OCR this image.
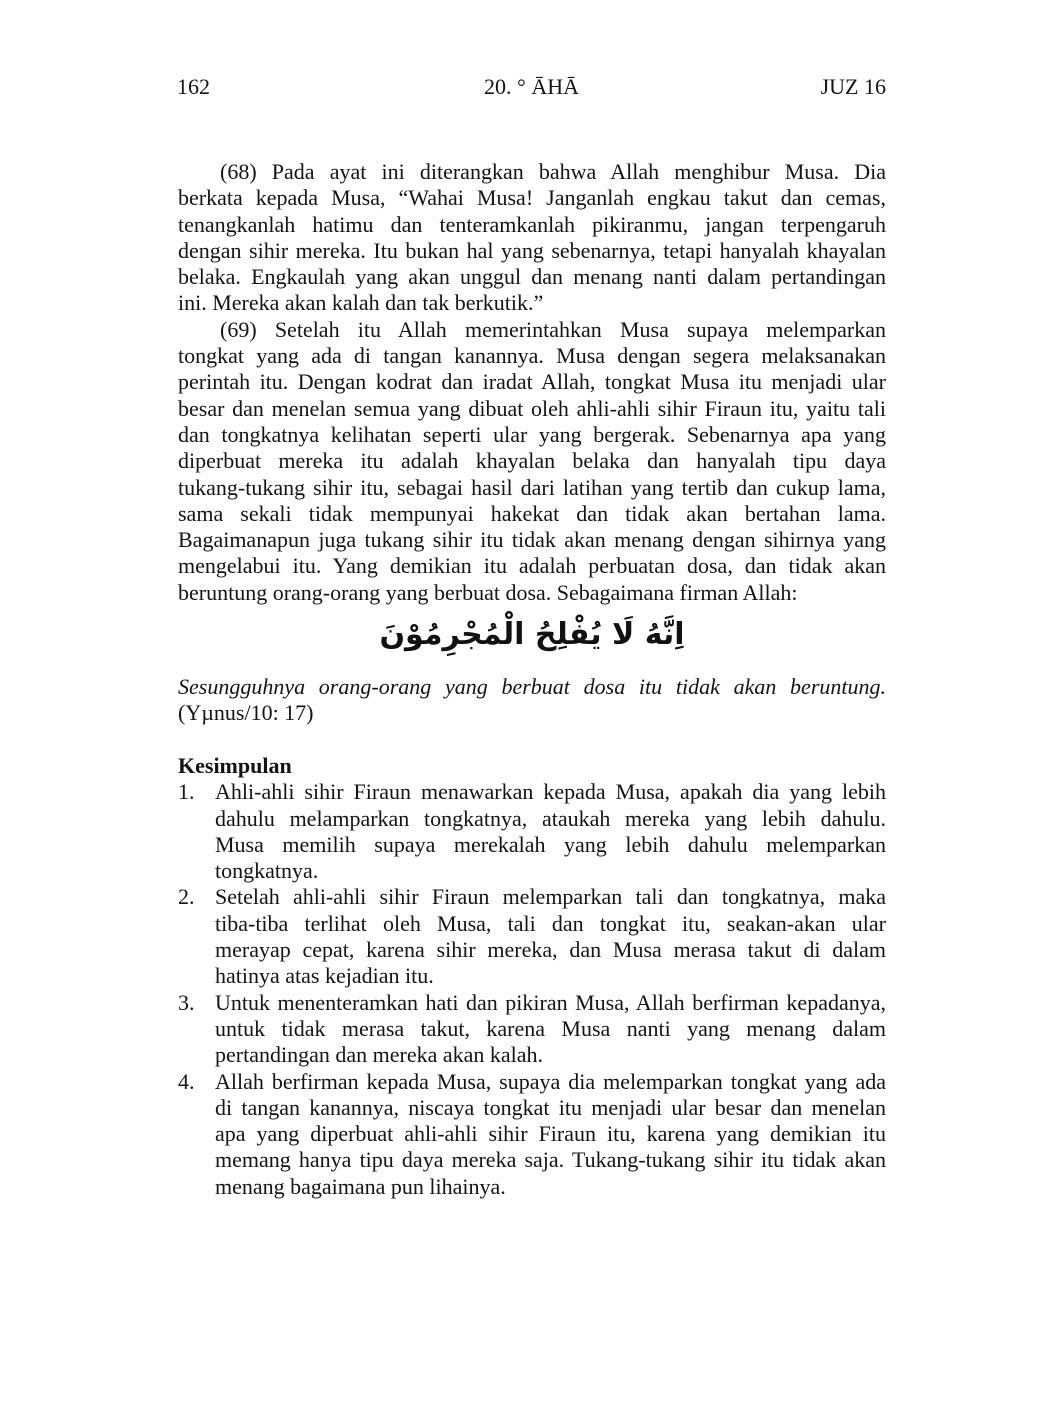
162	20. ° ĀHĀ	JUZ 16
(68) Pada ayat ini diterangkan bahwa Allah menghibur Musa. Dia
berkata kepada Musa, “Wahai Musa! Janganlah engkau takut dan cemas,
tenangkanlah hatimu dan tenteramkanlah pikiranmu, jangan terpengaruh
dengan sihir mereka. Itu bukan hal yang sebenarnya, tetapi hanyalah khayalan
belaka. Engkaulah yang akan unggul dan menang nanti dalam pertandingan
ini. Mereka akan kalah dan tak berkutik.”
(69) Setelah itu Allah memerintahkan Musa supaya melemparkan
tongkat yang ada di tangan kanannya. Musa dengan segera melaksanakan
perintah itu. Dengan kodrat dan iradat Allah, tongkat Musa itu menjadi ular
besar dan menelan semua yang dibuat oleh ahli-ahli sihir Firaun itu, yaitu tali
dan tongkatnya kelihatan seperti ular yang bergerak. Sebenarnya apa yang
diperbuat mereka itu adalah khayalan belaka dan hanyalah tipu daya
tukang-tukang sihir itu, sebagai hasil dari latihan yang tertib dan cukup lama,
sama sekali tidak mempunyai hakekat dan tidak akan bertahan lama.
Bagaimanapun juga tukang sihir itu tidak akan menang dengan sihirnya yang
mengelabui itu. Yang demikian itu adalah perbuatan dosa, dan tidak akan
beruntung orang-orang yang berbuat dosa. Sebagaimana firman Allah:
اِنَّهُ لَا يُفْلِحُ الْمُجْرِمُوْنَ
Sesungguhnya orang-orang yang berbuat dosa itu tidak akan beruntung.
(Yµnus/10: 17)
Kesimpulan
1. Ahli-ahli sihir Firaun menawarkan kepada Musa, apakah dia yang lebih
dahulu melamparkan tongkatnya, ataukah mereka yang lebih dahulu.
Musa memilih supaya merekalah yang lebih dahulu melemparkan
tongkatnya.
2. Setelah ahli-ahli sihir Firaun melemparkan tali dan tongkatnya, maka
tiba-tiba terlihat oleh Musa, tali dan tongkat itu, seakan-akan ular
merayap cepat, karena sihir mereka, dan Musa merasa takut di dalam
hatinya atas kejadian itu.
3. Untuk menenteramkan hati dan pikiran Musa, Allah berfirman kepadanya,
untuk tidak merasa takut, karena Musa nanti yang menang dalam
pertandingan dan mereka akan kalah.
4. Allah berfirman kepada Musa, supaya dia melemparkan tongkat yang ada
di tangan kanannya, niscaya tongkat itu menjadi ular besar dan menelan
apa yang diperbuat ahli-ahli sihir Firaun itu, karena yang demikian itu
memang hanya tipu daya mereka saja. Tukang-tukang sihir itu tidak akan
menang bagaimana pun lihainya.
